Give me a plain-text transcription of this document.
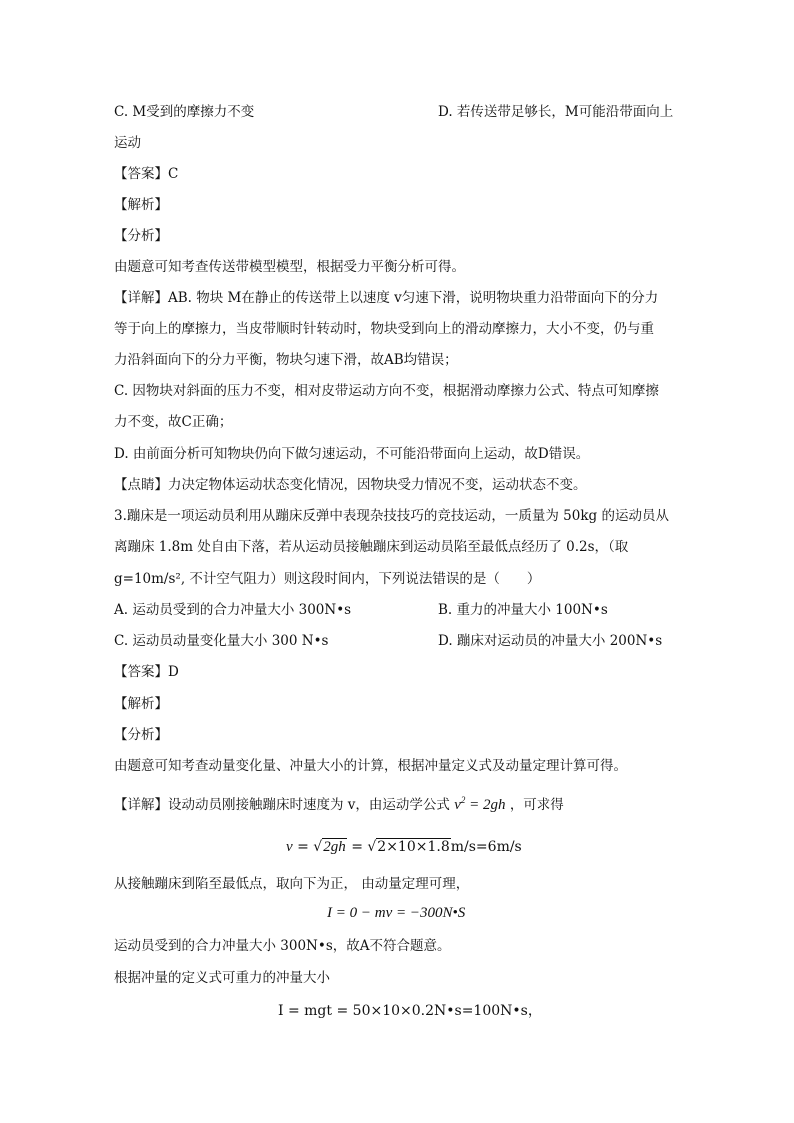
C. M受到的摩擦力不变	D. 若传送带足够长，M可能沿带面向上
运动
【答案】C
【解析】
【分析】
由题意可知考查传送带模型模型，根据受力平衡分析可得。
【详解】AB. 物块 M在静止的传送带上以速度 v匀速下滑，说明物块重力沿带面向下的分力
等于向上的摩擦力，当皮带顺时针转动时，物块受到向上的滑动摩擦力，大小不变，仍与重
力沿斜面向下的分力平衡，物块匀速下滑，故AB均错误；
C. 因物块对斜面的压力不变，相对皮带运动方向不变，根据滑动摩擦力公式、特点可知摩擦
力不变，故C正确；
D. 由前面分析可知物块仍向下做匀速运动，不可能沿带面向上运动，故D错误。
【点睛】力决定物体运动状态变化情况，因物块受力情况不变，运动状态不变。
3.蹦床是一项运动员利用从蹦床反弹中表现杂技技巧的竞技运动，一质量为 50kg 的运动员从
离蹦床 1.8m 处自由下落，若从运动员接触蹦床到运动员陷至最低点经历了 0.2s，（取
g=10m/s², 不计空气阻力）则这段时间内，下列说法错误的是（　　）
A. 运动员受到的合力冲量大小 300N•s	B. 重力的冲量大小 100N•s
C. 运动员动量变化量大小 300 N•s	D. 蹦床对运动员的冲量大小 200N•s
【答案】D
【解析】
【分析】
由题意可知考查动量变化量、冲量大小的计算，根据冲量定义式及动量定理计算可得。
【详解】设动动员刚接触蹦床时速度为 v，由运动学公式 $v^2 = 2gh$ ，可求得
v = √2gh = √2×10×1.8m/s=6m/s
从接触蹦床到陷至最低点，取向下为正， 由动量定理可理，
I = 0 − mv = −300N•S
运动员受到的合力冲量大小 300N•s，故A不符合题意。
根据冲量的定义式可重力的冲量大小
I = mgt = 50×10×0.2N•s=100N•s，
